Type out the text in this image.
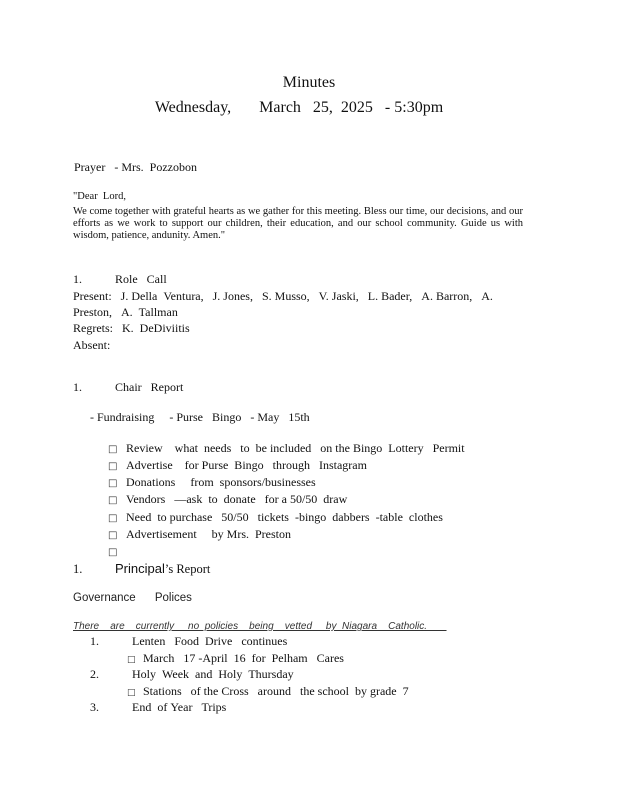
Minutes
Wednesday,       March   25,  2025   - 5:30pm
Prayer   - Mrs.  Pozzobon
"Dear  Lord,
We come together with grateful hearts as we gather for this meeting. Bless our time, our decisions, and our efforts as we work to support our children, their education, and our school community. Guide us with wisdom, patience, andunity. Amen."
1.	Role   Call
Present:   J. Della  Ventura,   J. Jones,   S. Musso,   V. Jaski,   L. Bader,   A. Barron,   A.
Preston,   A.  Tallman
Regrets:   K.  DeDiviitis
Absent:
1.	Chair   Report
- Fundraising     - Purse   Bingo   - May   15th
□ Review    what  needs   to  be included   on the Bingo  Lottery   Permit
□ Advertise    for Purse  Bingo   through   Instagram
□ Donations     from  sponsors/businesses
□ Vendors   —ask  to  donate   for a 50/50  draw
□ Need  to purchase   50/50   tickets  -bingo  dabbers  -table  clothes
□ Advertisement     by Mrs.  Preston
□
1.	Principal’s Report
Governance      Polices
There    are    currently     no  policies    being    vetted     by  Niagara    Catholic.
1.	Lenten   Food  Drive   continues
□ March   17 -April  16  for  Pelham   Cares
2.	Holy  Week  and  Holy  Thursday
□ Stations   of the Cross   around   the school  by grade  7
3.	End  of Year   Trips
